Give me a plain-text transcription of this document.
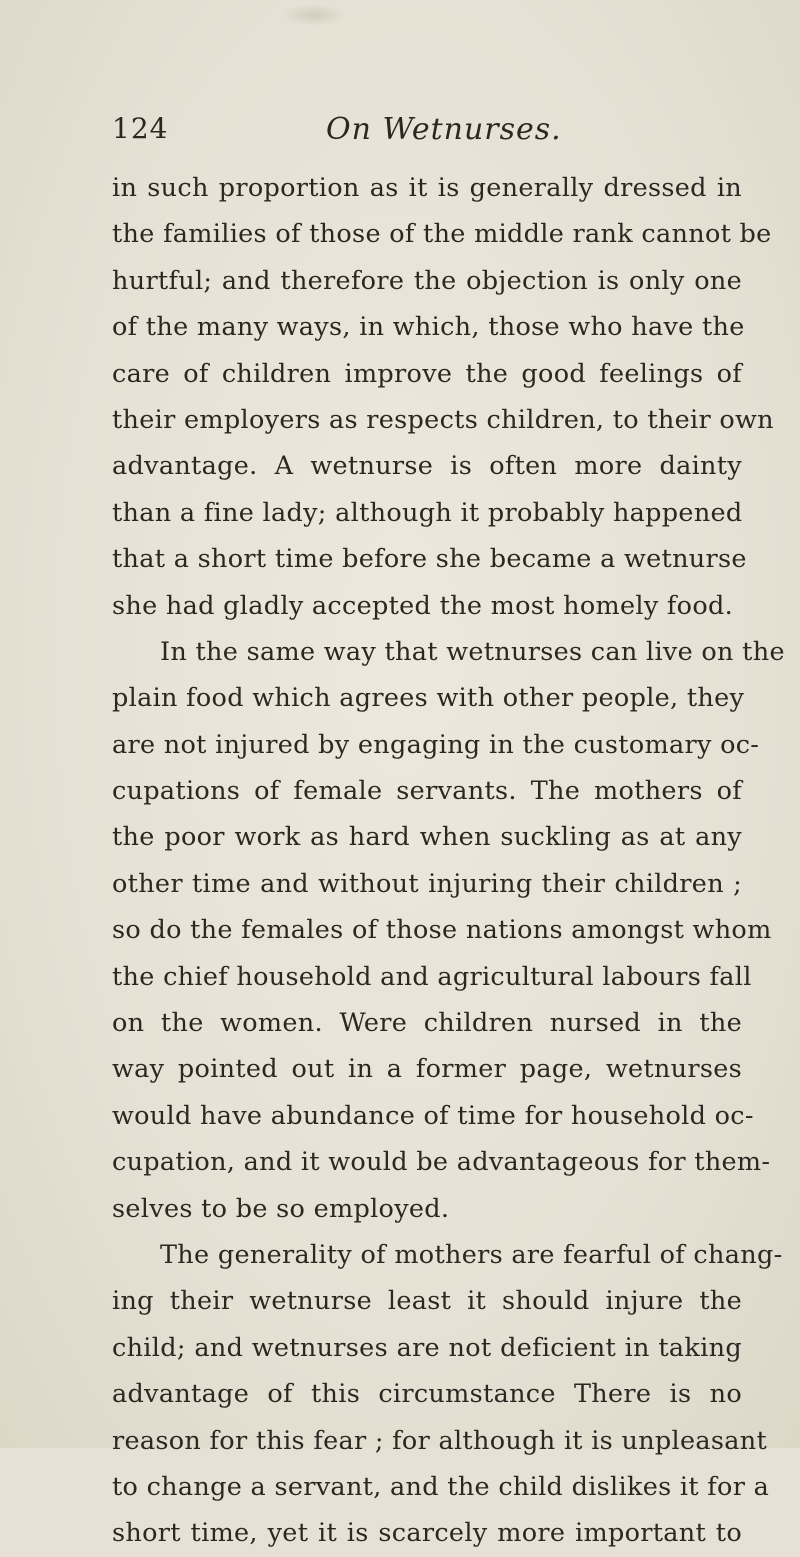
124	On Wetnurses.
in such proportion as it is generally dressed in
the families of those of the middle rank cannot be
hurtful; and therefore the objection is only one
of the many ways, in which, those who have the
care of children improve the good feelings of
their employers as respects children, to their own
advantage. A wetnurse is often more dainty
than a fine lady; although it probably happened
that a short time before she became a wetnurse
she had gladly accepted the most homely food.
In the same way that wetnurses can live on the
plain food which agrees with other people, they
are not injured by engaging in the customary oc-
cupations of female servants. The mothers of
the poor work as hard when suckling as at any
other time and without injuring their children ;
so do the females of those nations amongst whom
the chief household and agricultural labours fall
on the women. Were children nursed in the
way pointed out in a former page, wetnurses
would have abundance of time for household oc-
cupation, and it would be advantageous for them-
selves to be so employed.
The generality of mothers are fearful of chang-
ing their wetnurse least it should injure the
child; and wetnurses are not deficient in taking
advantage of this circumstance There is no
reason for this fear ; for although it is unpleasant
to change a servant, and the child dislikes it for a
short time, yet it is scarcely more important to
